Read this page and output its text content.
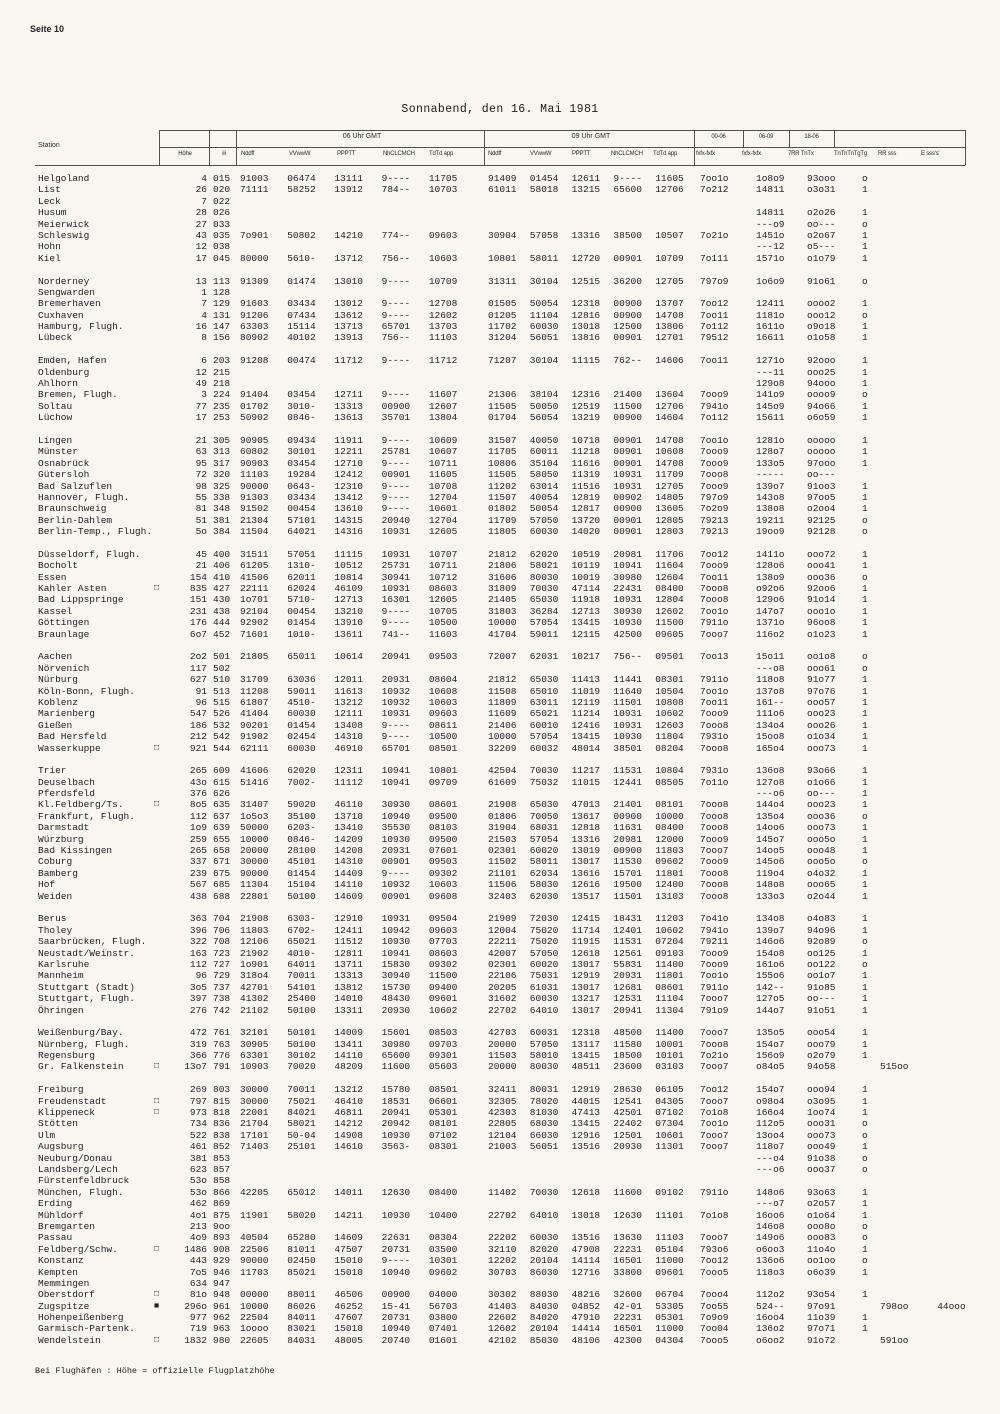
Seite 10
Sonnabend, den 16. Mai 1981
Station
06 Uhr GMT	09 Uhr GMT	00-06	06-09	18-06
Höhe	iii	Nddff	VVwwW	PPPTT	NhCLCMCH TdTd app	Nddff	VVwwW	PPPTT	NhCLCMCH TdTd app	fxfx-fxfx	fxfx-fxfx	7RR TnTx	TnTnTnTgTg RR sss	E sss's'
Helgoland	4 015 91003 06474 13111 9---- 11705	91409 01454 12611 9---- 11605 7oo1o	1o8o9 93ooo	o
List	26 020 71111 58252 13912 784-- 10703	61011 58018 13215 65600 12706 7o212	14811 o3o31	1
Leck	7 022
Husum	28 026	14811 o2o26	1
Meierwick	27 033	---o9 oo---	o
Schleswig	43 035 7o901 50802 14210 774-- 09603	30904 57058 13316 38500 10507 7o21o	1451o o2o67	1
Hohn	12 038	---12 o5---	1
Kiel	17 045 80000 5610- 13712 756-- 10603	10801 58011 12720 00901 10709 7o111	1571o o1o79	1
Norderney	13 113 91309 01474 13010 9---- 10709	31311 30104 12515 36200 12705 797o9	1o6o9 91o61	o
Sengwarden	1 128
Bremerhaven	7 129 91603 03434 13012 9---- 12708	01505 50054 12318 00900 13707 7oo12	12411 oooo2	1
Cuxhaven	4 131 91206 07434 13612 9---- 12602	01205 11104 12816 00900 14708 7oo11	1181o ooo12	o
Hamburg, Flugh.	16 147 63303 15114 13713 65701 13703	11702 60030 13018 12500 13806 7o112	1611o o9o18	1
Lübeck	8 156 80902 40102 13913 756-- 11103	31204 56051 13816 00901 12701 79512	16611 o1o58	1
Emden, Hafen	6 203 91208 00474 11712 9---- 11712	71207 30104 11115 762-- 14606 7oo11	1271o 92ooo	1
Oldenburg	12 215	---11 ooo25	1
Ahlhorn	49 218	129o8 94ooo	1
Bremen, Flugh.	3 224 91404 03454 12711 9---- 11607	21306 38104 12316 21400 13604 7ooo9	141o9 oooo9	o
Soltau	77 235 01702 3010- 13313 00900 12607	11505 50050 12519 11500 12706 7941o	145o9 94o66	1
Lüchow	17 253 50902 0846- 13613 35701 13804	01704 56054 13219 00900 14604 7o112	15611 o6o59	1
Lingen	21 305 90905 09434 11911 9---- 10609	31507 40050 10718 00901 14708 7oo1o	1281o ooooo	1
Münster	63 313 60802 30101 12211 25781 10607	11705 60011 11218 00901 10608 7ooo9	128o7 ooooo	1
Osnabrück	95 317 90903 03454 12710 9---- 10711	10806 35104 11616 00901 14708 7ooo9	133o5 97ooo	1
Gütersloh	72 320 11103 19284 12412 00901 11605	11505 58050 11319 10931 11709 7ooo8	----- oo---
Bad Salzuflen	98 325 90000 0643- 12310 9---- 10708	11202 63014 11516 10931 12705 7ooo9	139o7 91oo3	1
Hannover, Flugh.	55 338 91303 03434 13412 9---- 12704	11507 40054 12819 00902 14805 797o9	143o8 97oo5	1
Braunschweig	81 348 91502 00454 13610 9---- 10601	01802 50054 12817 00900 13605 7o2o9	138o8 o2oo4	1
Berlin-Dahlem	51 381 21304 57101 14315 20940 12704	11709 57050 13720 00901 12805 79213	19211 92125	o
Berlin-Temp., Flugh.	5o 384 11504 64021 14316 10931 12605	11805 60030 14020 00901 12803 79213	19oo9 92128	o
Düsseldorf, Flugh.	45 400 31511 57051 11115 10931 10707	21812 62020 10519 20981 11706 7oo12	1411o ooo72	1
Bocholt	21 406 61205 1310- 10512 25731 10711	21806 58021 10119 10941 11604 7ooo9	128o6 ooo41	1
Essen	154 410 41506 62011 10814 30941 10712	31606 80030 10019 30980 12604 7oo11	138o9 ooo36	o
Kahler Asten	□	835 427 22111 62024 46109 10931 08603	31809 70030 47114 22431 08400 7ooo8	o92o6 92oo6	1
Bad Lippspringe	151 430 1o701 5710- 12713 16301 12605	21405 65030 11918 10931 12804 7ooo8	129o6 91o14	1
Kassel	231 438 92104 00454 13210 9---- 10705	31803 36284 12713 30930 12602 7oo1o	147o7 ooo1o	1
Göttingen	176 444 92902 01454 13910 9---- 10500	10000 57054 13415 10930 11500 7911o	1371o 96oo8	1
Braunlage	6o7 452 71601 1010- 13611 741-- 11603	41704 59011 12115 42500 09605 7ooo7	116o2 o1o23	1
Aachen	2o2 501 21805 65011 10614 20941 09503	72007 62031 10217 756-- 09501 7oo13	15o11 oo1o8	o
Nörvenich	117 502	---o8 ooo61	o
Nürburg	627 510 31709 63036 12011 20931 08604	21812 65030 11413 11441 08301 7911o	118o8 91o77	1
Köln-Bonn, Flugh.	91 513 11208 59011 11613 10932 10608	11508 65010 11019 11640 10504 7oo1o	137o8 97o76	1
Koblenz	96 515 61807 4510- 13212 10932 10603	11809 63011 12119 11501 10808 7oo11	161-- ooo57	1
Marienberg	547 526 41404 60030 12111 10931 09603	11609 65021 11214 10931 10602 7ooo9	111o6 ooo23	1
Gießen	186 532 90201 01454 13408 9---- 08611	21406 60010 12416 10931 12603 7ooo8	134o4 ooo26	1
Bad Hersfeld	212 542 91902 02454 14310 9---- 10500	10000 57054 13415 10930 11804 7931o	15oo8 o1o34	1
Wasserkuppe	□	921 544 62111 60030 46910 65701 08501	32209 60032 48014 38501 08204 7ooo8	165o4 ooo73	1
Trier	265 609 41606 62020 12311 10941 10801	42504 70030 11217 11531 10804 7931o	136o8 93o66	1
Deuselbach	43o 615 51416 7002- 11112 10941 09709	61609 75032 11015 12441 08505 7o11o	127o8 o1o66	1
Pferdsfeld	376 626	---o6 oo---	1
Kl.Feldberg/Ts.	□	8o5 635 31407 59020 46110 30930 08601	21908 65030 47013 21401 08101 7ooo8	144o4 ooo23	1
Frankfurt, Flugh.	112 637 1o5o3 35100 13710 10940 09500	01806 70050 13617 00900 10000 7ooo8	135o4 ooo36	o
Darmstadt	1o9 639 50000 6203- 13410 35530 08103	31904 68031 12818 11631 08400 7ooo8	14oo6 ooo73	1
Würzburg	259 655 10000 0846- 14209 10930 09500	21503 57054 13316 20981 12000 7ooo9	145o7 ooo5o	1
Bad Kissingen	265 658 20000 28100 14208 20931 07601	02301 60020 13019 00900 11803 7ooo7	14oo5 ooo48	1
Coburg	337 671 30000 45101 14310 00901 09503	11502 58011 13017 11530 09602 7ooo9	145o6 ooo5o	o
Bamberg	239 675 90000 01454 14409 9---- 09302	21101 62034 13616 15701 11801 7ooo8	119o4 o4o32	1
Hof	567 685 11304 15104 14110 10932 10603	11506 58030 12616 19500 12400 7ooo8	148o8 ooo65	1
Weiden	438 688 22801 50100 14609 00901 09608	32403 62030 13517 11501 13103 7ooo8	133o3 o2o44	1
Berus	363 704 21908 6303- 12910 10931 09504	21909 72030 12415 18431 11203 7o41o	134o8 o4o83	1
Tholey	396 706 11803 6702- 12411 10942 09603	12004 75020 11714 12401 10602 7941o	139o7 94o96	1
Saarbrücken, Flugh.	322 708 12106 65021 11512 10930 07703	22211 75020 11915 11531 07204 79211	146o6 92o89	o
Neustadt/Weinstr.	163 723 21902 4010- 12811 10941 08603	42007 57050 12618 12561 09103 7ooo9	154o8 oo125	1
Karlsruhe	112 727 1o901 64011 13711 15830 09302	02301 60020 13017 55831 11400 7ooo9	161o6 oo122	o
Mannheim	96 729 318o4 70011 13313 30940 11500	22106 75031 12919 20931 11801 7oo1o	155o6 oo1o7	1
Stuttgart (Stadt)	3o5 737 42701 54101 13812 15730 09400	20205 61031 13017 12681 08601 7911o	142-- 91o85	1
Stuttgart, Flugh.	397 738 41302 25400 14010 48430 09601	31602 60030 13217 12531 11104 7ooo7	127o5 oo---	1
Öhringen	276 742 21102 50100 13311 20930 10602	22702 64010 13017 20941 11304 791o9	144o7 91o51	1
Weißenburg/Bay.	472 761 32101 50101 14009 15601 08503	42703 60031 12318 48500 11400 7ooo7	135o5 ooo54	1
Nürnberg, Flugh.	319 763 30905 50100 13411 30980 09703	20000 57050 13117 11580 10001 7ooo8	154o7 ooo79	1
Regensburg	366 776 63301 30102 14110 65600 09301	11503 58010 13415 18500 10101 7o21o	156o9 o2o79	1
Gr. Falkenstein	□	13o7 791 10903 70020 48209 11600 05603	20000 80030 48511 23600 03103 7ooo7	o84o5 94o58	515oo
Freiburg	269 803 30000 70011 13212 15780 08501	32411 80031 12919 28630 06105 7oo12	154o7 ooo94	1
Freudenstadt	□	797 815 30000 75021 46410 18531 06601	32305 78020 44015 12541 04305 7ooo7	o98o4 o3o95	1
Klippeneck	□	973 818 22001 84021 46811 20941 05301	42303 81030 47413 42501 07102 7o1o8	166o4 1oo74	1
Stötten	734 836 21704 58021 14212 20942 08101	22805 68030 13415 22402 07304 7oo1o	112o5 ooo31	o
Ulm	522 838 17101 50-04 14908 10930 07102	12104 66030 12916 12501 10601 7ooo7	13oo4 ooo73	o
Augsburg	461 852 71403 25101 14610 3563- 08301	21003 56051 13516 20930 11301 7ooo7	118o7 ooo49	1
Neuburg/Donau	381 853	---o4 91o38	o
Landsberg/Lech	623 857	---o6 ooo37	o
Fürstenfeldbruck	53o 858
München, Flugh.	53o 866 42205 65012 14011 12630 08400	11402 70030 12618 11600 09102 7911o	148o6 93o63	1
Erding	462 869	---o7 o2o57	1
Mühldorf	4o1 875 11901 58020 14211 10930 10400	22702 64010 13018 12630 11101 7o1o8	16oo6 o1o64	1
Bremgarten	213 9oo	146o8 ooo8o	o
Passau	4o9 893 40504 65280 14609 22631 08304	22202 60030 13516 13630 11103 7ooo7	149o6 ooo83	o
Feldberg/Schw.	□	1486 908 22506 81011 47507 20731 03500	32110 82020 47908 22231 05104 793o6	o6oo3 11o4o	1
Konstanz	443 929 90000 02450 15010 9---- 10301	12202 20104 14114 16501 11000 7oo12	136o6 oo1oo	o
Kempten	7o5 946 11703 85021 15010 10940 09602	30703 86030 12716 33800 09601 7ooo5	118o3 o6o39	1
Memmingen	634 947
Oberstdorf	□	81o 948 00000 88011 46506 00900 04000	30302 88030 48216 32600 06704 7ooo4	112o2 93o54	1
Zugspitze	■	296o 961 10000 86026 46252 15-41 56703	41403 84030 04852 42-01 53305 7oo55	524-- 97o91	798oo 44ooo
Hohenpeißenberg	977 962 22504 84011 47607 20731 03800	22602 84020 47910 22231 05301 7o9o9	16oo4 11o39	1
Garmisch-Partenk.	719 963 1oooo 83021 15010 10940 07401	12602 20104 14414 16501 11000 7oo04	136o2 97o71	1
Wendelstein	□	1832 980 22605 84031 48005 20740 01601	42102 85030 48106 42300 04304 7ooo5	o6oo2 91o72	591oo
Bei Flughäfen : Höhe = offizielle Flugplatzhöhe
